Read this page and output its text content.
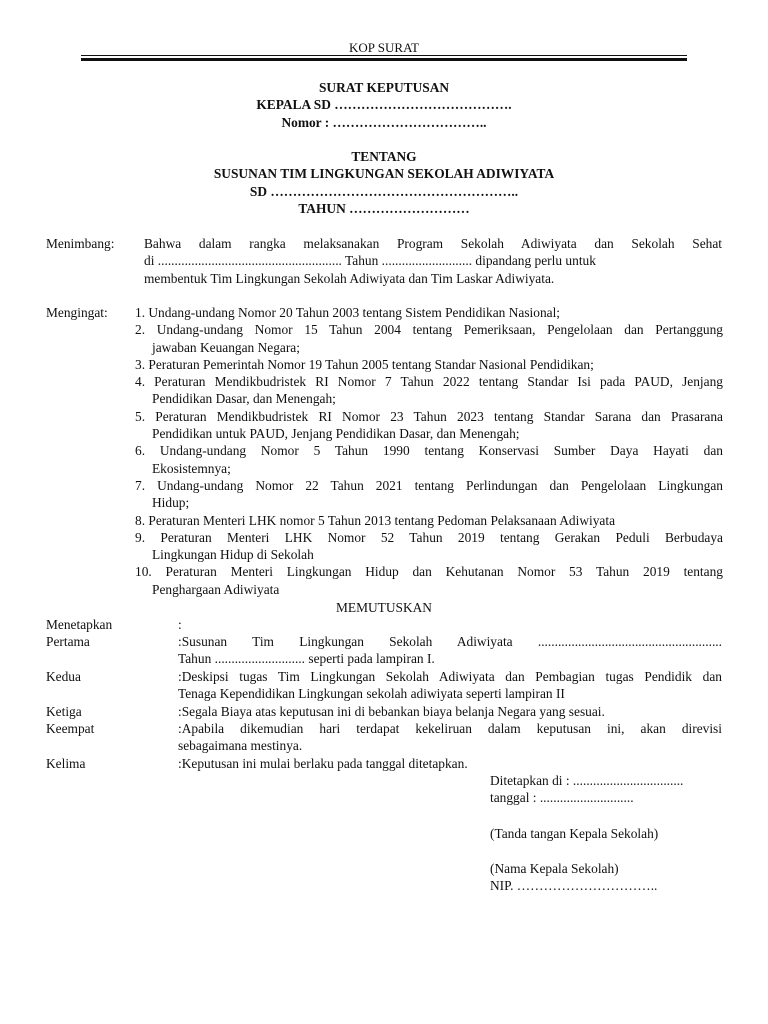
KOP SURAT
SURAT KEPUTUSAN
KEPALA SD ………………………………….
Nomor : ……………………………..
TENTANG
SUSUNAN TIM LINGKUNGAN SEKOLAH ADIWIYATA
SD ………………………………………………..
TAHUN ………………………
Menimbang: Bahwa dalam rangka melaksanakan Program Sekolah Adiwiyata dan Sekolah Sehat
di ....................................................... Tahun ........................... dipandang perlu untuk
membentuk Tim Lingkungan Sekolah Adiwiyata dan Tim Laskar Adiwiyata.
Mengingat: 1. Undang-undang Nomor 20 Tahun 2003 tentang Sistem Pendidikan Nasional;
2. Undang-undang Nomor 15 Tahun 2004 tentang Pemeriksaan, Pengelolaan dan Pertanggung
jawaban Keuangan Negara;
3. Peraturan Pemerintah Nomor 19 Tahun 2005 tentang Standar Nasional Pendidikan;
4. Peraturan Mendikbudristek RI Nomor 7 Tahun 2022 tentang Standar Isi pada PAUD, Jenjang
Pendidikan Dasar, dan Menengah;
5. Peraturan Mendikbudristek RI Nomor 23 Tahun 2023 tentang Standar Sarana dan Prasarana
Pendidikan untuk PAUD, Jenjang Pendidikan Dasar, dan Menengah;
6. Undang-undang Nomor 5 Tahun 1990 tentang Konservasi Sumber Daya Hayati dan
Ekosistemnya;
7. Undang-undang Nomor 22 Tahun 2021 tentang Perlindungan dan Pengelolaan Lingkungan
Hidup;
8. Peraturan Menteri LHK nomor 5 Tahun 2013 tentang Pedoman Pelaksanaan Adiwiyata
9. Peraturan Menteri LHK Nomor 52 Tahun 2019 tentang Gerakan Peduli Berbudaya
Lingkungan Hidup di Sekolah
10. Peraturan Menteri Lingkungan Hidup dan Kehutanan Nomor 53 Tahun 2019 tentang
Penghargaan Adiwiyata
MEMUTUSKAN
Menetapkan	:
Pertama	:Susunan Tim Lingkungan Sekolah Adiwiyata .......................................................
Tahun ........................... seperti pada lampiran I.
Kedua	:Deskipsi tugas Tim Lingkungan Sekolah Adiwiyata dan Pembagian tugas Pendidik dan
Tenaga Kependidikan Lingkungan sekolah adiwiyata seperti lampiran II
Ketiga	:Segala Biaya atas keputusan ini di bebankan biaya belanja Negara yang sesuai.
Keempat	:Apabila dikemudian hari terdapat kekeliruan dalam keputusan ini, akan direvisi
sebagaimana mestinya.
Kelima	:Keputusan ini mulai berlaku pada tanggal ditetapkan.
Ditetapkan di : .................................
tanggal : ............................
(Tanda tangan Kepala Sekolah)
(Nama Kepala Sekolah)
NIP. …………………………..
